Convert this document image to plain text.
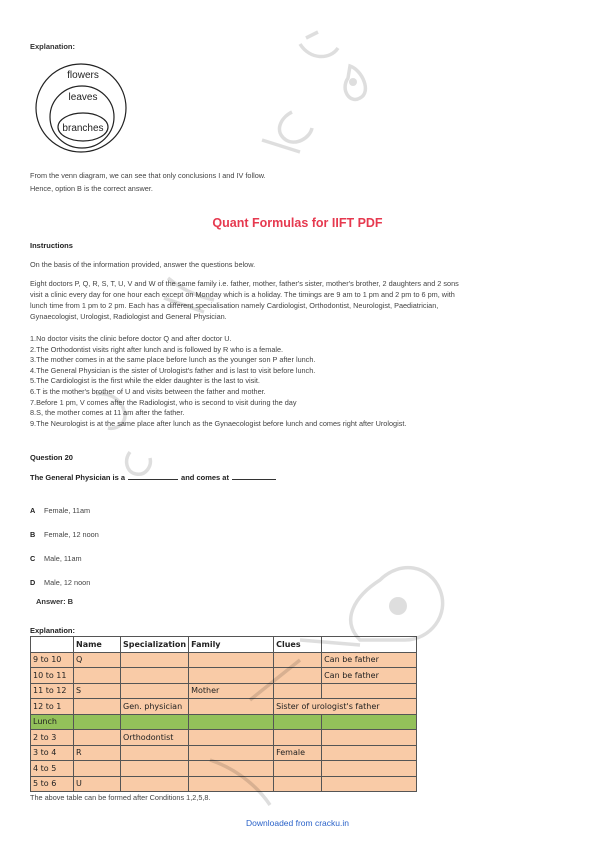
Explanation:
flowers
leaves
branches
From the venn diagram, we can see that only conclusions I and IV follow.
Hence, option B is the correct answer.
Quant Formulas for IIFT PDF
Instructions
On the basis of the information provided, answer the questions below.
Eight doctors P, Q, R, S, T, U, V and W of the same family i.e. father, mother, father's sister, mother's brother, 2 daughters and 2 sons
visit a clinic every day for one hour each except on Monday which is a holiday. The timings are 9 am to 1 pm and 2 pm to 6 pm, with
lunch time from 1 pm to 2 pm. Each has a different specialisation namely Cardiologist, Orthodontist, Neurologist, Paediatrician,
Gynaecologist, Urologist, Radiologist and General Physician.
1.No doctor visits the clinic before doctor Q and after doctor U.
2.The Orthodontist visits right after lunch and is followed by R who is a female.
3.The mother comes in at the same place before lunch as the younger son P after lunch.
4.The General Physician is the sister of Urologist's father and is last to visit before lunch.
5.The Cardiologist is the first while the elder daughter is the last to visit.
6.T is the mother's brother of U and visits between the father and mother.
7.Before 1 pm, V comes after the Radiologist, who is second to visit during the day
8.S, the mother comes at 11 am after the father.
9.The Neurologist is at the same place after lunch as the Gynaecologist before lunch and comes right after Urologist.
Question 20
The General Physician is a	and comes at
A Female, 11am
B Female, 12 noon
C Male, 11am
D Male, 12 noon
Answer: B
Explanation:
	Name	Specialization	Family	Clues	
9 to 10	Q				Can be father
10 to 11					Can be father
11 to 12	S		Mother		
12 to 1		Gen. physician		Sister of urologist's father	
Lunch					
2 to 3		Orthodontist			
3 to 4	R			Female	
4 to 5					
5 to 6	U				
The above table can be formed after Conditions 1,2,5,8.
Downloaded from cracku.in
